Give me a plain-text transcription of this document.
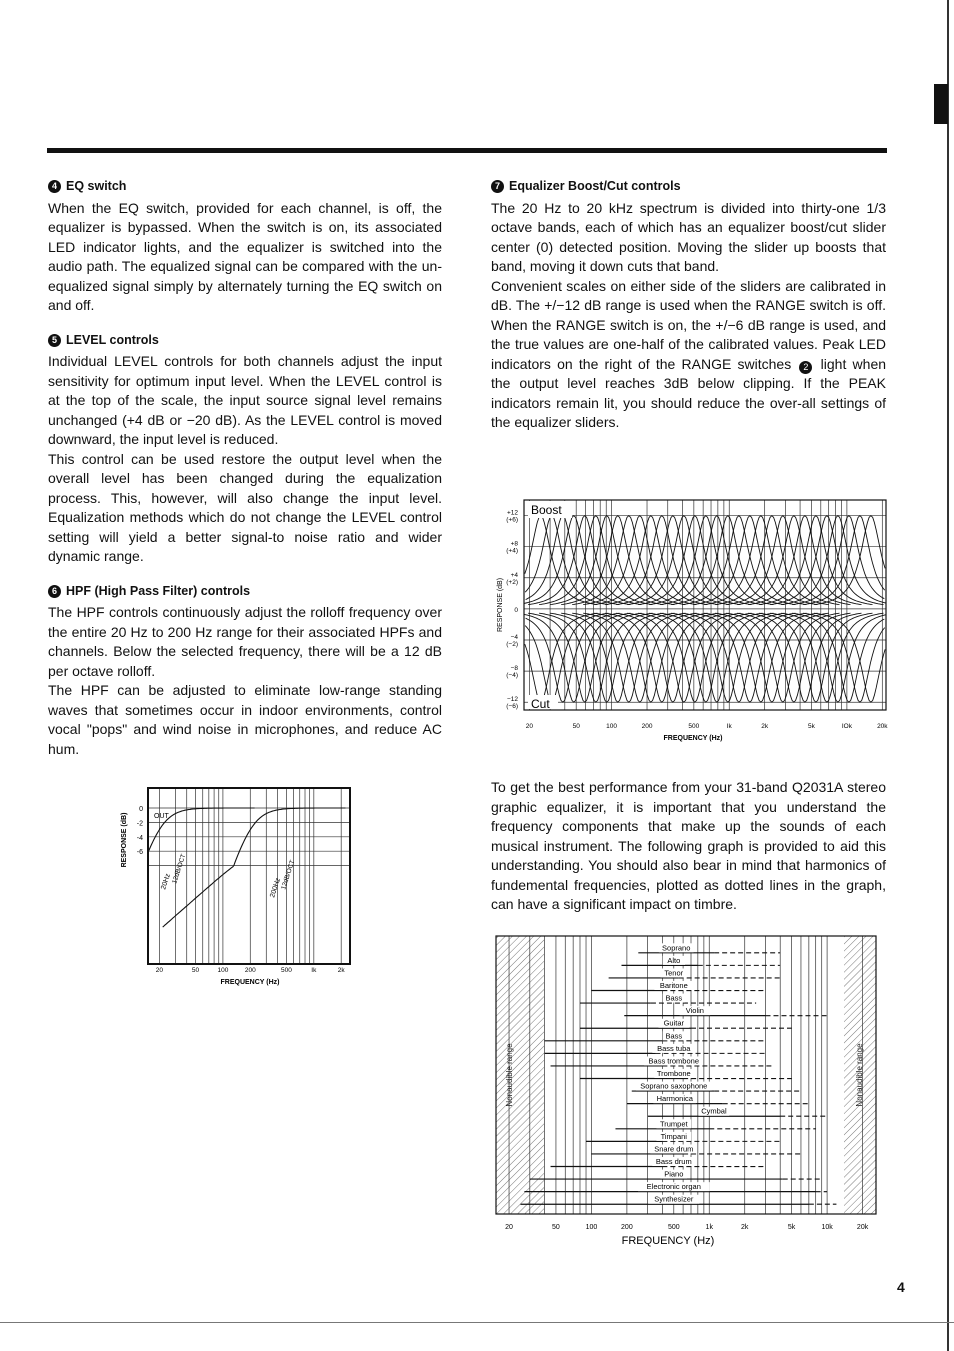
4 EQ switch

When the EQ switch, provided for each channel, is off, the equalizer is bypassed. When the switch is on, its associated LED indicator lights, and the equalizer is switched into the audio path. The equalized signal can be compared with the un-equalized signal simply by alternately turning the EQ switch on and off.

5 LEVEL controls

Individual LEVEL controls for both channels adjust the input sensitivity for optimum input level. When the LEVEL control is at the top of the scale, the input source signal level remains unchanged (+4 dB or −20 dB). As the LEVEL control is moved downward, the input level is reduced.

This control can be used restore the output level when the overall level has been changed during the equalization process. This, however, will also change the input level. Equalization methods which do not change the LEVEL control setting will yield a better signal-to noise ratio and wider dynamic range.

6 HPF (High Pass Filter) controls

The HPF controls continuously adjust the rolloff frequency over the entire 20 Hz to 200 Hz range for their associated HPFs and channels. Below the selected frequency, there will be a 12 dB per octave rolloff.

The HPF can be adjusted to eliminate low-range standing waves that sometimes occur in indoor environments, control vocal "pops" and wind noise in microphones, and reduce AC hum.

7 Equalizer Boost/Cut controls

The 20 Hz to 20 kHz spectrum is divided into thirty-one 1/3 octave bands, each of which has an equalizer boost/cut slider center (0) detected position. Moving the slider up boosts that band, moving it down cuts that band.

Convenient scales on either side of the sliders are calibrated in dB. The +/−12 dB range is used when the RANGE switch is off. When the RANGE switch is on, the +/−6 dB range is used, and the true values are one-half of the calibrated values. Peak LED indicators on the right of the RANGE switches 2 light when the output level reaches 3dB below clipping. If the PEAK indicators remain lit, you should reduce the over-all settings of the equalizer sliders.

To get the best performance from your 31-band Q2031A stereo graphic equalizer, it is important that you understand the frequency components that make up the sounds of each musical instrument. The following graph is provided to aid this understanding. You should also bear in mind that harmonics of fundemental frequencies, plotted as dotted lines in the graph, can have a significant impact on timbre.

Boost
Cut
+12
(+6)
+8
(+4)
+4
(+2)
0
−4
(−2)
−8
(−4)
−12
(−6)
RESPONSE (dB)
20	50	100	200	500	Ik	2k	5k	IOk	20k
FREQUENCY (Hz)
OUT
20Hz 12dB/OCT
200Hz
12dB/OCT
0
-2
-4
-6
RESPONSE (dB)
20	50	100	200	500	Ik	2k
FREQUENCY (Hz)
Soprano
Alto
Tenor
Baritone
Bass
Violin
Guitar
Bass
Bass tuba
Bass trombone
Trombone
Soprano saxophone
Harmonica
Cymbal
Trumpet
Timpani
Snare drum
Bass drum
Piano
Electronic organ
Synthesizer
Nonaudible range	Nonaudible range
20	50	100	200	500	1k	2k	5k	10k	20k
FREQUENCY (Hz)
4
